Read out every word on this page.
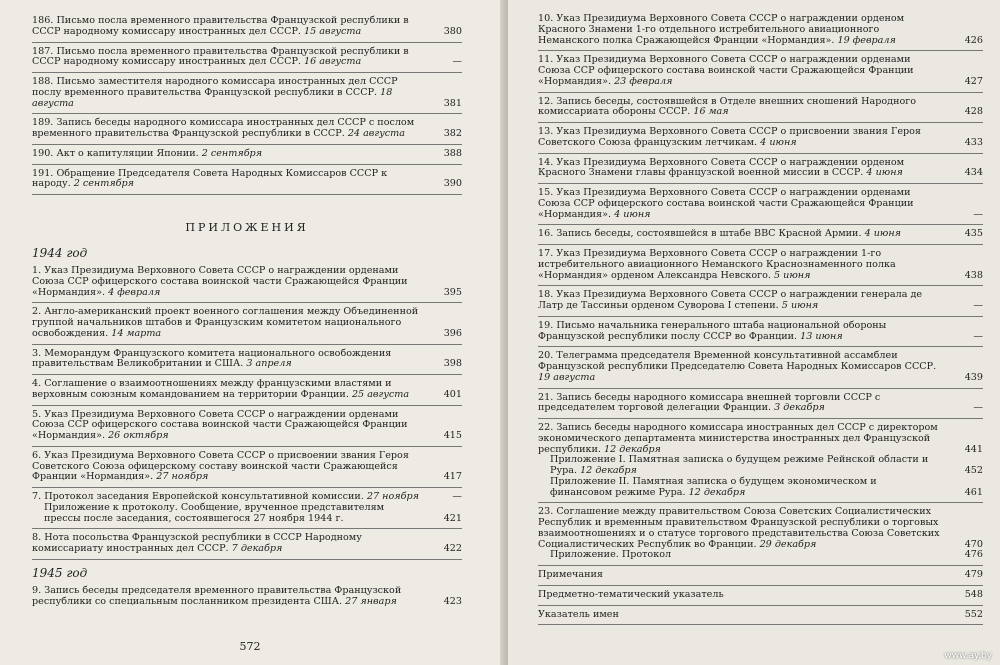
186. Письмо посла временного правительства Французской республики в СССР народному комиссару иностранных дел СССР. 15 августа	380

187. Письмо посла временного правительства Французской республики в СССР народному комиссару иностранных дел СССР. 16 августа	—

188. Письмо заместителя народного комиссара иностранных дел СССР послу временного правительства Французской республики в СССР. 18 августа	381

189. Запись беседы народного комиссара иностранных дел СССР с послом временного правительства Французской республики в СССР. 24 августа	382

190. Акт о капитуляции Японии. 2 сентября	388

191. Обращение Председателя Совета Народных Комиссаров СССР к народу. 2 сентября	390

ПРИЛОЖЕНИЯ
1944 год

1. Указ Президиума Верховного Совета СССР о награждении орденами Союза ССР офицерского состава воинской части Сражающейся Франции «Нормандия». 4 февраля	395

2. Англо-американский проект военного соглашения между Объединенной группой начальников штабов и Французским комитетом национального освобождения. 14 марта	396

3. Меморандум Французского комитета национального освобождения правительствам Великобритании и США. 3 апреля	398

4. Соглашение о взаимоотношениях между французскими властями и верховным союзным командованием на территории Франции. 25 августа	401

5. Указ Президиума Верховного Совета СССР о награждении орденами Союза ССР офицерского состава воинской части Сражающейся Франции «Нормандия». 26 октября	415

6. Указ Президиума Верховного Совета СССР о присвоении звания Героя Советского Союза офицерскому составу воинской части Сражающейся Франции «Нормандия». 27 ноября	417

7. Протокол заседания Европейской консультативной комиссии. 27 ноября	—

Приложение к протоколу. Сообщение, врученное представителям прессы после заседания, состоявшегося 27 ноября 1944 г.	421

8. Нота посольства Французской республики в СССР Народному комиссариату иностранных дел СССР. 7 декабря	422

1945 год

9. Запись беседы председателя временного правительства Французской республики со специальным посланником президента США. 27 января	423

572

10. Указ Президиума Верховного Совета СССР о награждении орденом Красного Знамени 1-го отдельного истребительного авиационного Неманского полка Сражающейся Франции «Нормандия». 19 февраля	426

11. Указ Президиума Верховного Совета СССР о награждении орденами Союза ССР офицерского состава воинской части Сражающейся Франции «Нормандия». 23 февраля	427

12. Запись беседы, состоявшейся в Отделе внешних сношений Народного комиссариата обороны СССР. 16 мая	428

13. Указ Президиума Верховного Совета СССР о присвоении звания Героя Советского Союза французским летчикам. 4 июня	433

14. Указ Президиума Верховного Совета СССР о награждении орденом Красного Знамени главы французской военной миссии в СССР. 4 июня	434

15. Указ Президиума Верховного Совета СССР о награждении орденами Союза ССР офицерского состава воинской части Сражающейся Франции «Нормандия». 4 июня	—

16. Запись беседы, состоявшейся в штабе ВВС Красной Армии. 4 июня	435

17. Указ Президиума Верховного Совета СССР о награждении 1-го истребительного авиационного Неманского Краснознаменного полка «Нормандия» орденом Александра Невского. 5 июня	438

18. Указ Президиума Верховного Совета СССР о награждении генерала де Латр де Тассиньи орденом Суворова I степени. 5 июня	—

19. Письмо начальника генерального штаба национальной обороны Французской республики послу СССР во Франции. 13 июня	—

20. Телеграмма председателя Временной консультативной ассамблеи Французской республики Председателю Совета Народных Комиссаров СССР. 19 августа	439

21. Запись беседы народного комиссара внешней торговли СССР с председателем торговой делегации Франции. 3 декабря	—

22. Запись беседы народного комиссара иностранных дел СССР с директором экономического департамента министерства иностранных дел Французской республики. 12 декабря	441

Приложение I. Памятная записка о будущем режиме Рейнской области и Рура. 12 декабря	452

Приложение II. Памятная записка о будущем экономическом и финансовом режиме Рура. 12 декабря	461

23. Соглашение между правительством Союза Советских Социалистических Республик и временным правительством Французской республики о торговых взаимоотношениях и о статусе торгового представительства Союза Советских Социалистических Республик во Франции. 29 декабря	470

Приложение. Протокол	476

Примечания	479
Предметно-тематический указатель	548
Указатель имен	552
www.ay.by
